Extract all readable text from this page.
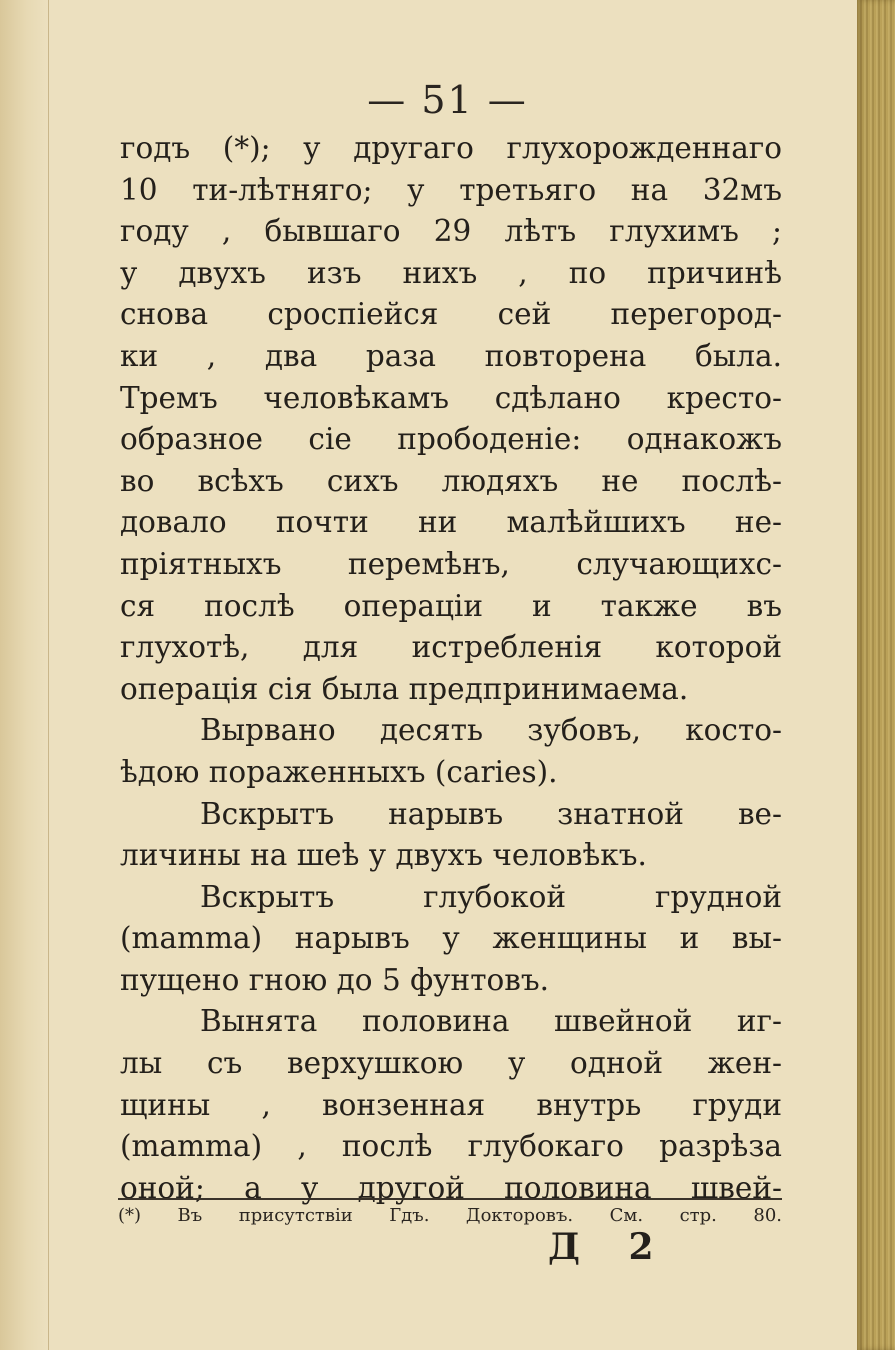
— 51 —
годъ (*); у другаго глухорожденнаго
10 ти-лѣтняго; у третьяго на 32мъ
году , бывшаго 29 лѣтъ глухимъ ;
у двухъ изъ нихъ , по причинѣ
снова сроспіейся сей перегород-
ки , два раза повторена была.
Тремъ человѣкамъ сдѣлано кресто-
образное сіе прободеніе: однакожъ
во всѣхъ сихъ людяхъ не послѣ-
довало почти ни малѣйшихъ не-
пріятныхъ перемѣнъ, случающихс-
ся послѣ операціи и также въ
глухотѣ, для истребленія которой
операція сія была предпринимаема.
Вырвано десять зубовъ, косто-
ѣдою пораженныхъ (caries).
Вскрытъ нарывъ знатной ве-
личины на шеѣ у двухъ человѣкъ.
Вскрытъ глубокой грудной
(mamma) нарывъ у женщины и вы-
пущено гною до 5 фунтовъ.
Вынята половина швейной иг-
лы съ верхушкою у одной жен-
щины , вонзенная внутрь груди
(mamma) , послѣ глубокаго разрѣза
оной; а у другой половина швей-
(*) Въ присутствіи Гдъ. Докторовъ. См. стр. 80.
Д 2
